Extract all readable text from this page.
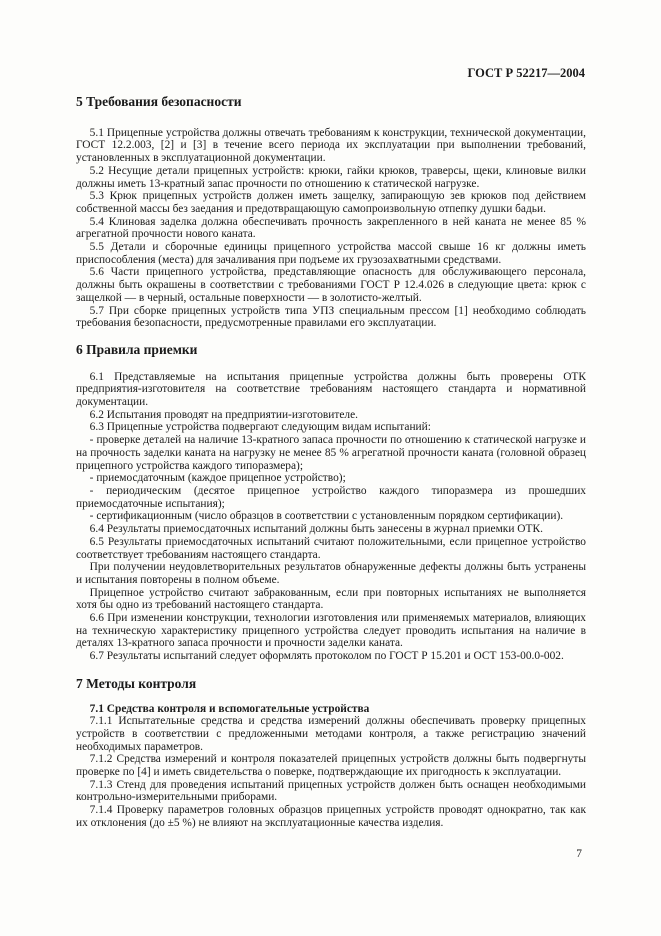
ГОСТ Р 52217—2004
5 Требования безопасности

5.1 Прицепные устройства должны отвечать требованиям к конструкции, технической документации, ГОСТ 12.2.003, [2] и [3] в течение всего периода их эксплуатации при выполнении требований, установленных в эксплуатационной документации.

5.2 Несущие детали прицепных устройств: крюки, гайки крюков, траверсы, щеки, клиновые вилки должны иметь 13-кратный запас прочности по отношению к статической нагрузке.

5.3 Крюк прицепных устройств должен иметь защелку, запирающую зев крюков под действием собственной массы без заедания и предотвращающую самопроизвольную отпепку душки бадьи.

5.4 Клиновая заделка должна обеспечивать прочность закрепленного в ней каната не менее 85 % агрегатной прочности нового каната.

5.5 Детали и сборочные единицы прицепного устройства массой свыше 16 кг должны иметь приспособления (места) для зачаливания при подъеме их грузозахватными средствами.

5.6 Части прицепного устройства, представляющие опасность для обслуживающего персонала, должны быть окрашены в соответствии с требованиями ГОСТ Р 12.4.026 в следующие цвета: крюк с защелкой — в черный, остальные поверхности — в золотисто-желтый.

5.7 При сборке прицепных устройств типа УПЗ специальным прессом [1] необходимо соблюдать требования безопасности, предусмотренные правилами его эксплуатации.

6 Правила приемки

6.1 Представляемые на испытания прицепные устройства должны быть проверены ОТК предприятия-изготовителя на соответствие требованиям настоящего стандарта и нормативной документации.

6.2 Испытания проводят на предприятии-изготовителе.

6.3 Прицепные устройства подвергают следующим видам испытаний:

- проверке деталей на наличие 13-кратного запаса прочности по отношению к статической нагрузке и на прочность заделки каната на нагрузку не менее 85 % агрегатной прочности каната (головной образец прицепного устройства каждого типоразмера);

- приемосдаточным (каждое прицепное устройство);

- периодическим (десятое прицепное устройство каждого типоразмера из прошедших приемосдаточные испытания);

- сертификационным (число образцов в соответствии с установленным порядком сертификации).

6.4 Результаты приемосдаточных испытаний должны быть занесены в журнал приемки ОТК.

6.5 Результаты приемосдаточных испытаний считают положительными, если прицепное устройство соответствует требованиям настоящего стандарта.

При получении неудовлетворительных результатов обнаруженные дефекты должны быть устранены и испытания повторены в полном объеме.

Прицепное устройство считают забракованным, если при повторных испытаниях не выполняется хотя бы одно из требований настоящего стандарта.

6.6 При изменении конструкции, технологии изготовления или применяемых материалов, влияющих на техническую характеристику прицепного устройства следует проводить испытания на наличие в деталях 13-кратного запаса прочности и прочности заделки каната.

6.7 Результаты испытаний следует оформлять протоколом по ГОСТ Р 15.201 и ОСТ 153-00.0-002.

7 Методы контроля

7.1 Средства контроля и вспомогательные устройства

7.1.1 Испытательные средства и средства измерений должны обеспечивать проверку прицепных устройств в соответствии с предложенными методами контроля, а также регистрацию значений необходимых параметров.

7.1.2 Средства измерений и контроля показателей прицепных устройств должны быть подвергнуты проверке по [4] и иметь свидетельства о поверке, подтверждающие их пригодность к эксплуатации.

7.1.3 Стенд для проведения испытаний прицепных устройств должен быть оснащен необходимыми контрольно-измерительными приборами.

7.1.4 Проверку параметров головных образцов прицепных устройств проводят однократно, так как их отклонения (до ±5 %) не влияют на эксплуатационные качества изделия.

7
